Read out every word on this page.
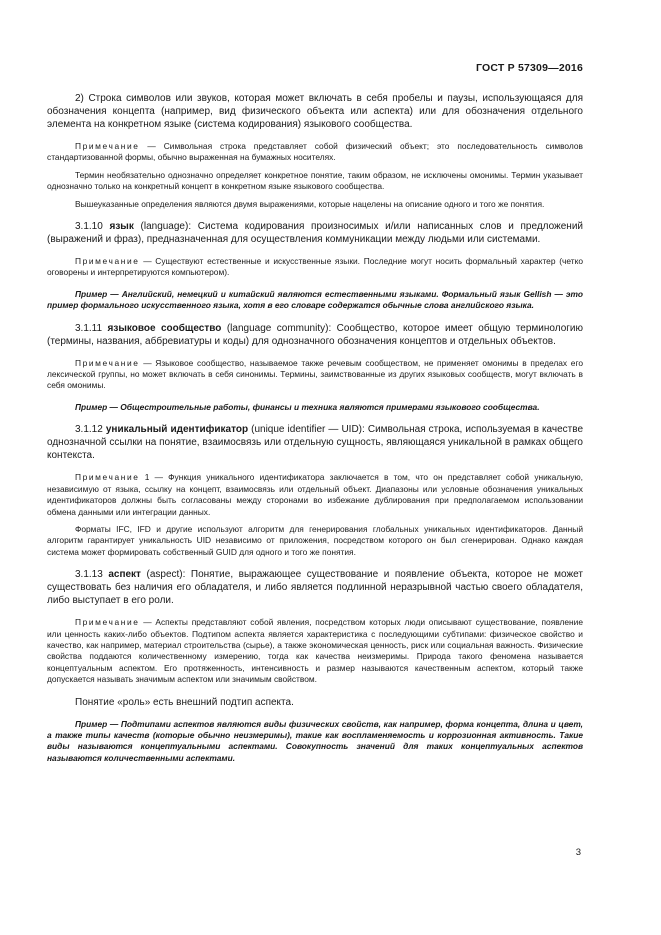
ГОСТ Р 57309—2016

2) Строка символов или звуков, которая может включать в себя пробелы и паузы, использующаяся для обозначения концепта (например, вид физического объекта или аспекта) или для обозначения отдельного элемента на конкретном языке (система кодирования) языкового сообщества.

Примечание — Символьная строка представляет собой физический объект; это последовательность символов стандартизованной формы, обычно выраженная на бумажных носителях.

Термин необязательно однозначно определяет конкретное понятие, таким образом, не исключены омонимы. Термин указывает однозначно только на конкретный концепт в конкретном языке языкового сообщества.

Вышеуказанные определения являются двумя выражениями, которые нацелены на описание одного и того же понятия.

3.1.10 язык (language): Система кодирования произносимых и/или написанных слов и предложений (выражений и фраз), предназначенная для осуществления коммуникации между людьми или системами.

Примечание — Существуют естественные и искусственные языки. Последние могут носить формальный характер (четко оговорены и интерпретируются компьютером).

Пример — Английский, немецкий и китайский являются естественными языками. Формальный язык Gellish — это пример формального искусственного языка, хотя в его словаре содержатся обычные слова английского языка.

3.1.11 языковое сообщество (language community): Сообщество, которое имеет общую терминологию (термины, названия, аббревиатуры и коды) для однозначного обозначения концептов и отдельных объектов.

Примечание — Языковое сообщество, называемое также речевым сообществом, не применяет омонимы в пределах его лексической группы, но может включать в себя синонимы. Термины, заимствованные из других языковых сообществ, могут включать в себя омонимы.

Пример — Общестроительные работы, финансы и техника являются примерами языкового сообщества.

3.1.12 уникальный идентификатор (unique identifier — UID): Символьная строка, используемая в качестве однозначной ссылки на понятие, взаимосвязь или отдельную сущность, являющаяся уникальной в рамках общего контекста.

Примечание 1 — Функция уникального идентификатора заключается в том, что он представляет собой уникальную, независимую от языка, ссылку на концепт, взаимосвязь или отдельный объект. Диапазоны или условные обозначения уникальных идентификаторов должны быть согласованы между сторонами во избежание дублирования при предполагаемом использовании обмена данными или интеграции данных.

Форматы IFC, IFD и другие используют алгоритм для генерирования глобальных уникальных идентификаторов. Данный алгоритм гарантирует уникальность UID независимо от приложения, посредством которого он был сгенерирован. Однако каждая система может формировать собственный GUID для одного и того же понятия.

3.1.13 аспект (aspect): Понятие, выражающее существование и появление объекта, которое не может существовать без наличия его обладателя, и либо является подлинной неразрывной частью своего обладателя, либо выступает в его роли.

Примечание — Аспекты представляют собой явления, посредством которых люди описывают существование, появление или ценность каких-либо объектов. Подтипом аспекта является характеристика с последующими субтипами: физическое свойство и качество, как например, материал строительства (сырье), а также экономическая ценность, риск или социальная важность. Физические свойства поддаются количественному измерению, тогда как качества неизмеримы. Природа такого феномена называется концептуальным аспектом. Его протяженность, интенсивность и размер называются качественным аспектом, который также допускается называть значимым аспектом или значимым свойством.

Понятие «роль» есть внешний подтип аспекта.

Пример — Подтипами аспектов являются виды физических свойств, как например, форма концепта, длина и цвет, а также типы качеств (которые обычно неизмеримы), такие как воспламеняемость и коррозионная активность. Такие виды называются концептуальными аспектами. Совокупность значений для таких концептуальных аспектов называются количественными аспектами.

3
